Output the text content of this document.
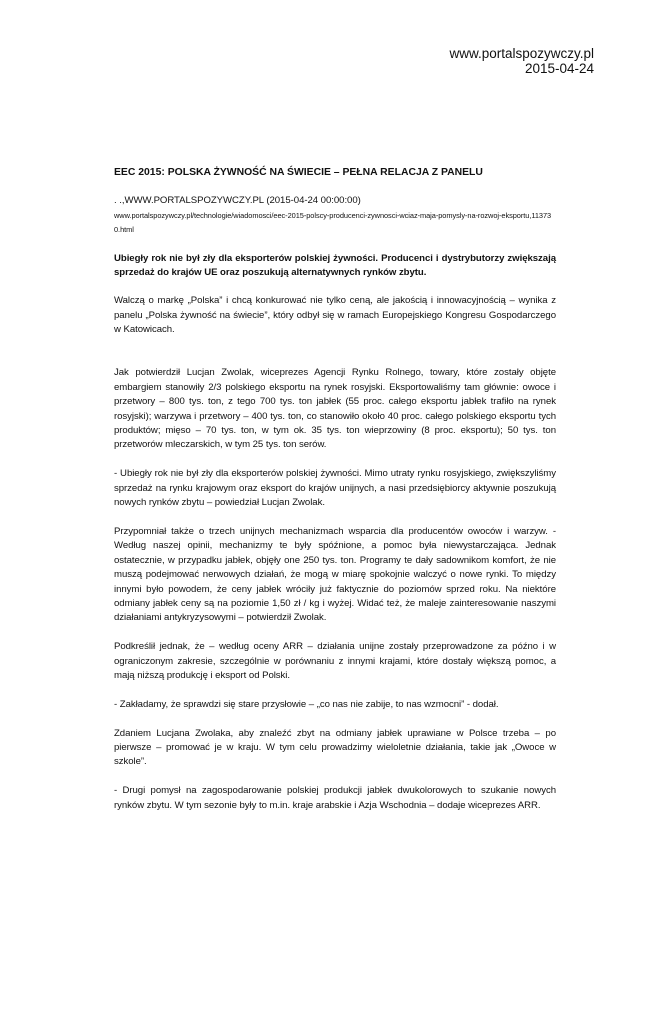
www.portalspozywczy.pl
2015-04-24

EEC 2015: POLSKA ŻYWNOŚĆ NA ŚWIECIE – PEŁNA RELACJA Z PANELU

. .,WWW.PORTALSPOZYWCZY.PL (2015-04-24 00:00:00)

www.portalspozywczy.pl/technologie/wiadomosci/eec-2015-polscy-producenci-zywnosci-wciaz-maja-pomysly-na-rozwoj-eksportu,113730.html

Ubiegły rok nie był zły dla eksporterów polskiej żywności. Producenci i dystrybutorzy zwiększają sprzedaż do krajów UE oraz poszukują alternatywnych rynków zbytu.

Walczą o markę „Polska” i chcą konkurować nie tylko ceną, ale jakością i innowacyjnością – wynika z panelu „Polska żywność na świecie”, który odbył się w ramach Europejskiego Kongresu Gospodarczego w Katowicach.

Jak potwierdził Lucjan Zwolak, wiceprezes Agencji Rynku Rolnego, towary, które zostały objęte embargiem stanowiły 2/3 polskiego eksportu na rynek rosyjski. Eksportowaliśmy tam głównie: owoce i przetwory – 800 tys. ton, z tego 700 tys. ton jabłek (55 proc. całego eksportu jabłek trafiło na rynek rosyjski); warzywa i przetwory – 400 tys. ton, co stanowiło około 40 proc. całego polskiego eksportu tych produktów; mięso – 70 tys. ton, w tym ok. 35 tys. ton wieprzowiny (8 proc. eksportu); 50 tys. ton przetworów mleczarskich, w tym 25 tys. ton serów.

- Ubiegły rok nie był zły dla eksporterów polskiej żywności. Mimo utraty rynku rosyjskiego, zwiększyliśmy sprzedaż na rynku krajowym oraz eksport do krajów unijnych, a nasi przedsiębiorcy aktywnie poszukują nowych rynków zbytu – powiedział Lucjan Zwolak.

Przypomniał także o trzech unijnych mechanizmach wsparcia dla producentów owoców i warzyw. - Według naszej opinii, mechanizmy te były spóźnione, a pomoc była niewystarczająca. Jednak ostatecznie, w przypadku jabłek, objęły one 250 tys. ton. Programy te dały sadownikom komfort, że nie muszą podejmować nerwowych działań, że mogą w miarę spokojnie walczyć o nowe rynki. To między innymi było powodem, że ceny jabłek wróciły już faktycznie do poziomów sprzed roku. Na niektóre odmiany jabłek ceny są na poziomie 1,50 zł / kg i wyżej. Widać też, że maleje zainteresowanie naszymi działaniami antykryzysowymi – potwierdził Zwolak.

Podkreślił jednak, że – według oceny ARR – działania unijne zostały przeprowadzone za późno i w ograniczonym zakresie, szczególnie w porównaniu z innymi krajami, które dostały większą pomoc, a mają niższą produkcję i eksport od Polski.

- Zakładamy, że sprawdzi się stare przysłowie – „co nas nie zabije, to nas wzmocni” - dodał.

Zdaniem Lucjana Zwolaka, aby znaleźć zbyt na odmiany jabłek uprawiane w Polsce trzeba – po pierwsze – promować je w kraju. W tym celu prowadzimy wieloletnie działania, takie jak „Owoce w szkole”.

- Drugi pomysł na zagospodarowanie polskiej produkcji jabłek dwukolorowych to szukanie nowych rynków zbytu. W tym sezonie były to m.in. kraje arabskie i Azja Wschodnia – dodaje wiceprezes ARR.
